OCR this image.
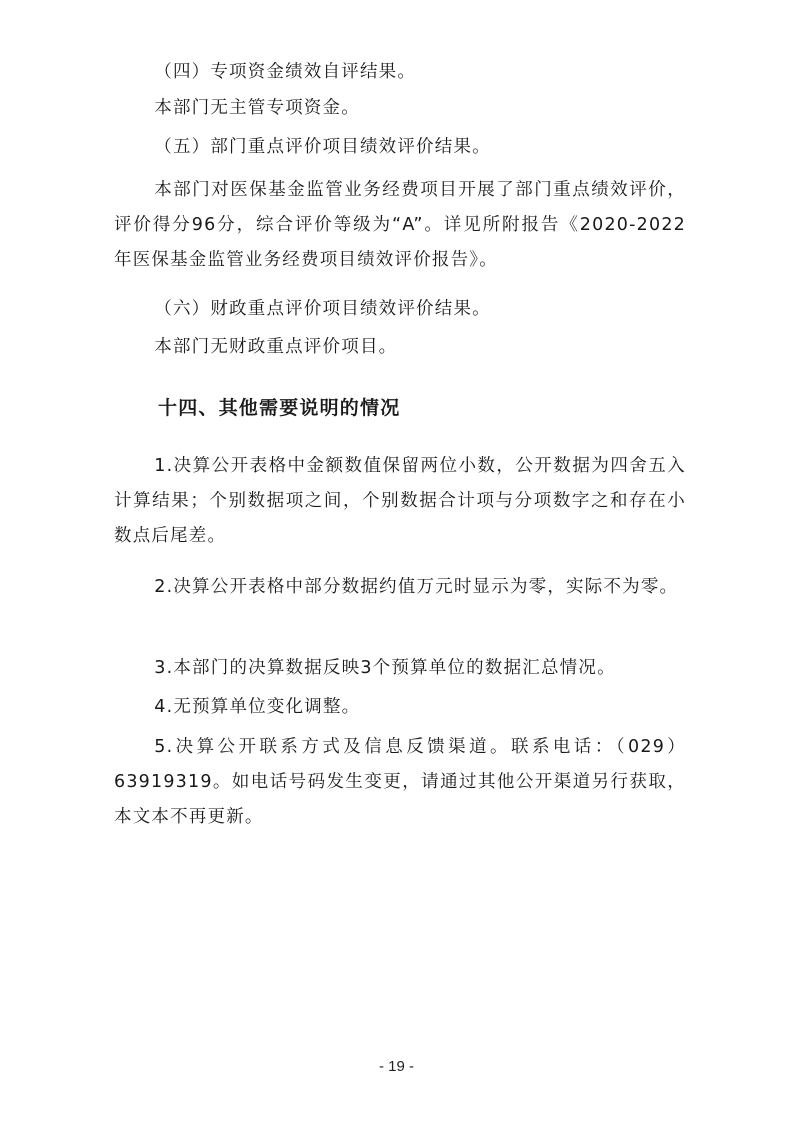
（四）专项资金绩效自评结果。

本部门无主管专项资金。

（五）部门重点评价项目绩效评价结果。

本部门对医保基金监管业务经费项目开展了部门重点绩效评价，评价得分96分，综合评价等级为“A”。详见所附报告《2020-2022年医保基金监管业务经费项目绩效评价报告》。

（六）财政重点评价项目绩效评价结果。

本部门无财政重点评价项目。

十四、其他需要说明的情况

1.决算公开表格中金额数值保留两位小数，公开数据为四舍五入计算结果；个别数据项之间，个别数据合计项与分项数字之和存在小数点后尾差。

2.决算公开表格中部分数据约值万元时显示为零，实际不为零。

3.本部门的决算数据反映3个预算单位的数据汇总情况。

4.无预算单位变化调整。

5.决算公开联系方式及信息反馈渠道。联系电话：（029）63919319。如电话号码发生变更，请通过其他公开渠道另行获取，本文本不再更新。

- 19 -
